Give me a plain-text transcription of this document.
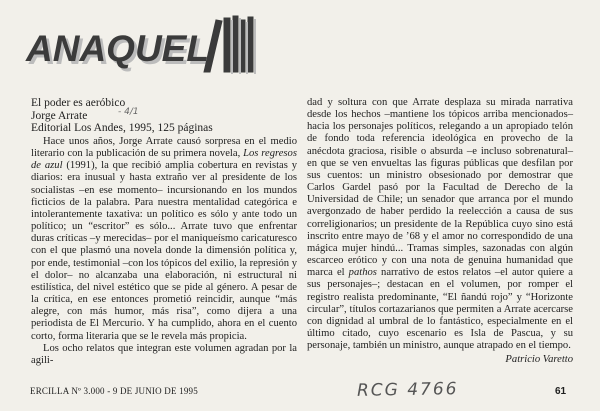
ANAQUEL
El poder es aeróbico
Jorge Arrate
Editorial Los Andes, 1995, 125 páginas
- 4/1

Hace unos años, Jorge Arrate causó sorpresa en el medio literario con la publicación de su primera novela, Los regresos de azul (1991), la que recibió amplia cobertura en revistas y diarios: era inusual y hasta extraño ver al presidente de los socialistas –en ese momento– incursionando en los mundos ficticios de la palabra. Para nuestra mentalidad categórica e intolerantemente taxativa: un político es sólo y ante todo un político; un “escritor” es sólo... Arrate tuvo que enfrentar duras críticas –y merecidas– por el maniqueísmo caricaturesco con el que plasmó una novela donde la dimensión política y, por ende, testimonial –con los tópicos del exilio, la represión y el dolor– no alcanzaba una elaboración, ni estructural ni estilística, del nivel estético que se pide al género. A pesar de la crítica, en ese entonces prometió reincidir, aunque “más alegre, con más humor, más risa”, como dijera a una periodista de El Mercurio. Y ha cumplido, ahora en el cuento corto, forma literaria que se le revela más propicia.

Los ocho relatos que integran este volumen agradan por la agili-

dad y soltura con que Arrate desplaza su mirada narrativa desde los hechos –mantiene los tópicos arriba mencionados– hacia los personajes políticos, relegando a un apropiado telón de fondo toda referencia ideológica en provecho de la anécdota graciosa, risible o absurda –e incluso sobrenatural– en que se ven envueltas las figuras públicas que desfilan por sus cuentos: un ministro obsesionado por demostrar que Carlos Gardel pasó por la Facultad de Derecho de la Universidad de Chile; un senador que arranca por el mundo avergonzado de haber perdido la reelección a causa de sus correligionarios; un presidente de la República cuyo sino está inscrito entre mayo de ’68 y el amor no correspondido de una mágica mujer hindú... Tramas simples, sazonadas con algún escarceo erótico y con una nota de genuina humanidad que marca el pathos narrativo de estos relatos –el autor quiere a sus personajes–; destacan en el volumen, por romper el registro realista predominante, “El ñandú rojo” y “Horizonte circular”, títulos cortazarianos que permiten a Arrate acercarse con dignidad al umbral de lo fantástico, especialmente en el último citado, cuyo escenario es Isla de Pascua, y su personaje, también un ministro, aunque atrapado en el tiempo.

Patricio Varetto
ERCILLA Nº 3.000 - 9 DE JUNIO DE 1995	RCG 4766	61
